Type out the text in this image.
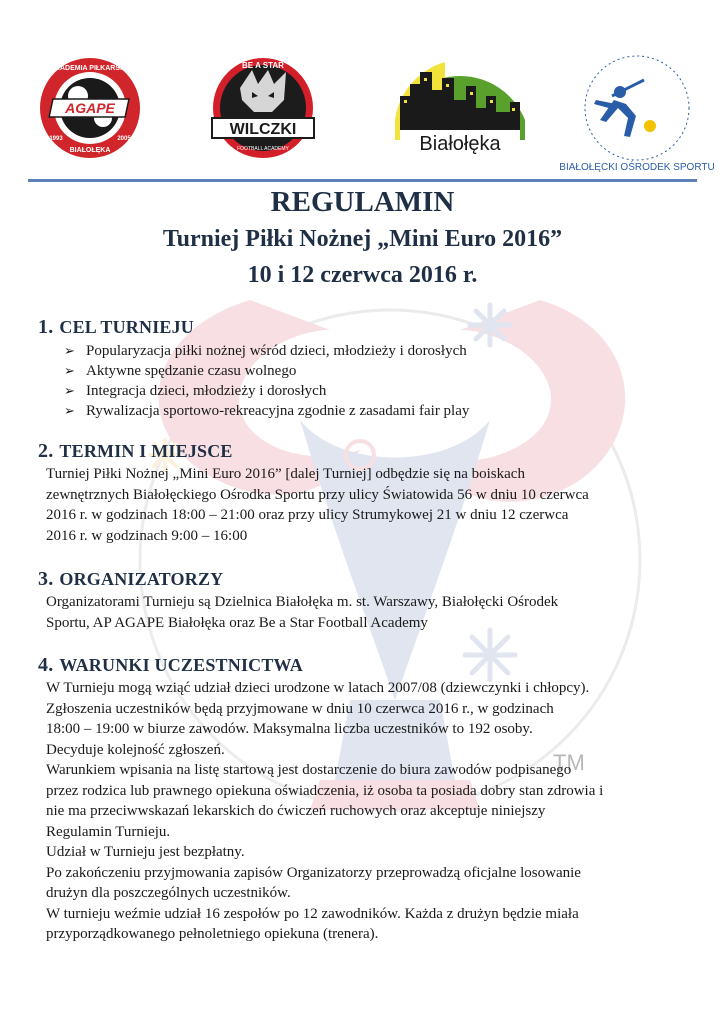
TM
AGAPE
AKADEMIA PIŁKARSKA
BIAŁOŁĘKA
1993	2005
WILCZKI
BE A STAR
FOOTBALL ACADEMY	Białołęka
BIAŁOŁĘCKI OŚRODEK SPORTU
REGULAMIN
Turniej Piłki Nożnej „Mini Euro 2016”
10 i 12 czerwca 2016 r.
1. CEL TURNIEJU
➢ Popularyzacja piłki nożnej wśród dzieci, młodzieży i dorosłych
➢ Aktywne spędzanie czasu wolnego
➢ Integracja dzieci, młodzieży i dorosłych
➢ Rywalizacja sportowo-rekreacyjna zgodnie z zasadami fair play
2. TERMIN I MIEJSCE
Turniej Piłki Nożnej „Mini Euro 2016” [dalej Turniej] odbędzie się na boiskach
zewnętrznych Białołęckiego Ośrodka Sportu przy ulicy Światowida 56 w dniu 10 czerwca
2016 r. w godzinach 18:00 – 21:00 oraz przy ulicy Strumykowej 21 w dniu 12 czerwca
2016 r. w godzinach 9:00 – 16:00
3. ORGANIZATORZY
Organizatorami Turnieju są Dzielnica Białołęka m. st. Warszawy, Białołęcki Ośrodek
Sportu, AP AGAPE Białołęka oraz Be a Star Football Academy
4. WARUNKI UCZESTNICTWA
W Turnieju mogą wziąć udział dzieci urodzone w latach 2007/08 (dziewczynki i chłopcy).
Zgłoszenia uczestników będą przyjmowane w dniu 10 czerwca 2016 r., w godzinach
18:00 – 19:00 w biurze zawodów. Maksymalna liczba uczestników to 192 osoby.
Decyduje kolejność zgłoszeń.
Warunkiem wpisania na listę startową jest dostarczenie do biura zawodów podpisanego
przez rodzica lub prawnego opiekuna oświadczenia, iż osoba ta posiada dobry stan zdrowia i
nie ma przeciwwskazań lekarskich do ćwiczeń ruchowych oraz akceptuje niniejszy
Regulamin Turnieju.
Udział w Turnieju jest bezpłatny.
Po zakończeniu przyjmowania zapisów Organizatorzy przeprowadzą oficjalne losowanie
drużyn dla poszczególnych uczestników.
W turnieju weźmie udział 16 zespołów po 12 zawodników. Każda z drużyn będzie miała
przyporządkowanego pełnoletniego opiekuna (trenera).
